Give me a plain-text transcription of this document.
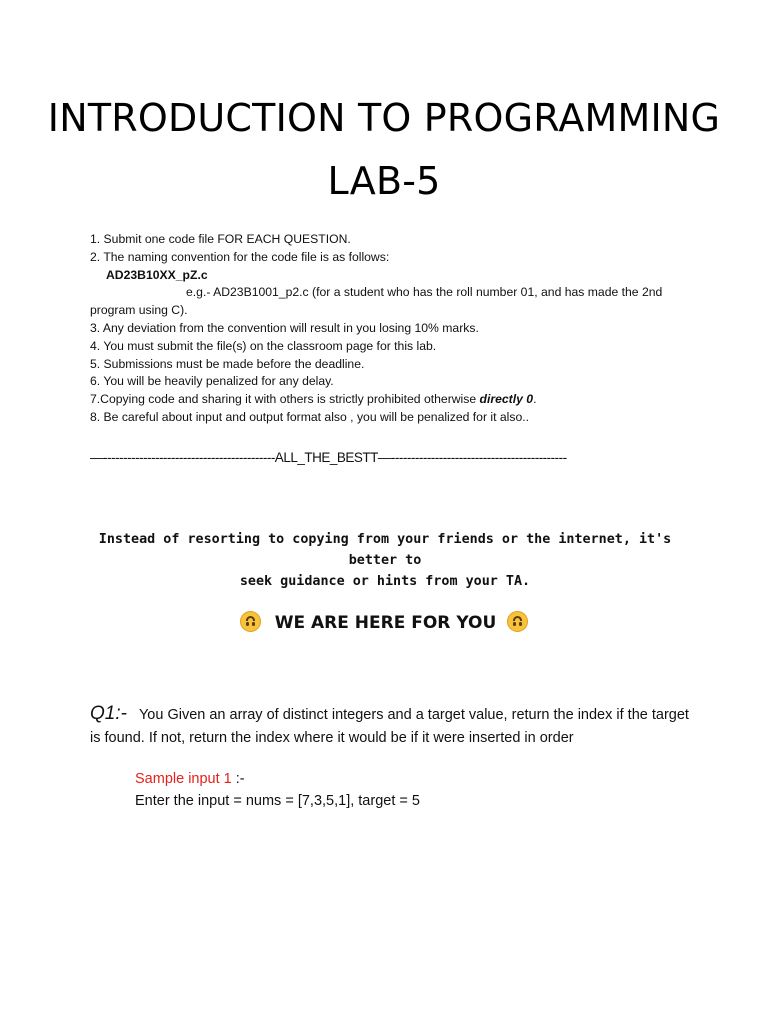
INTRODUCTION TO PROGRAMMING
LAB-5
1. Submit one code file FOR EACH QUESTION.
2. The naming convention for the code file is as follows:
AD23B10XX_pZ.c
e.g.- AD23B1001_p2.c (for a student who has the roll number 01, and has made the 2nd
program using C).
3. Any deviation from the convention will result in you losing 10% marks.
4. You must submit the file(s) on the classroom page for this lab.
5. Submissions must be made before the deadline.
6. You will be heavily penalized for any delay.
7.Copying code and sharing it with others is strictly prohibited otherwise directly 0.
8. Be careful about input and output format also , you will be penalized for it also..
—-------------------------------------------ALL_THE_BESTT—--------------------------------------------
Instead of resorting to copying from your friends or the internet, it's better to
seek guidance or hints from your TA.
WE ARE HERE FOR YOU
Q1:- You Given an array of distinct integers and a target value, return the index if the target is found. If not, return the index where it would be if it were inserted in order
Sample input 1 :-
Enter the input = nums = [7,3,5,1], target = 5
